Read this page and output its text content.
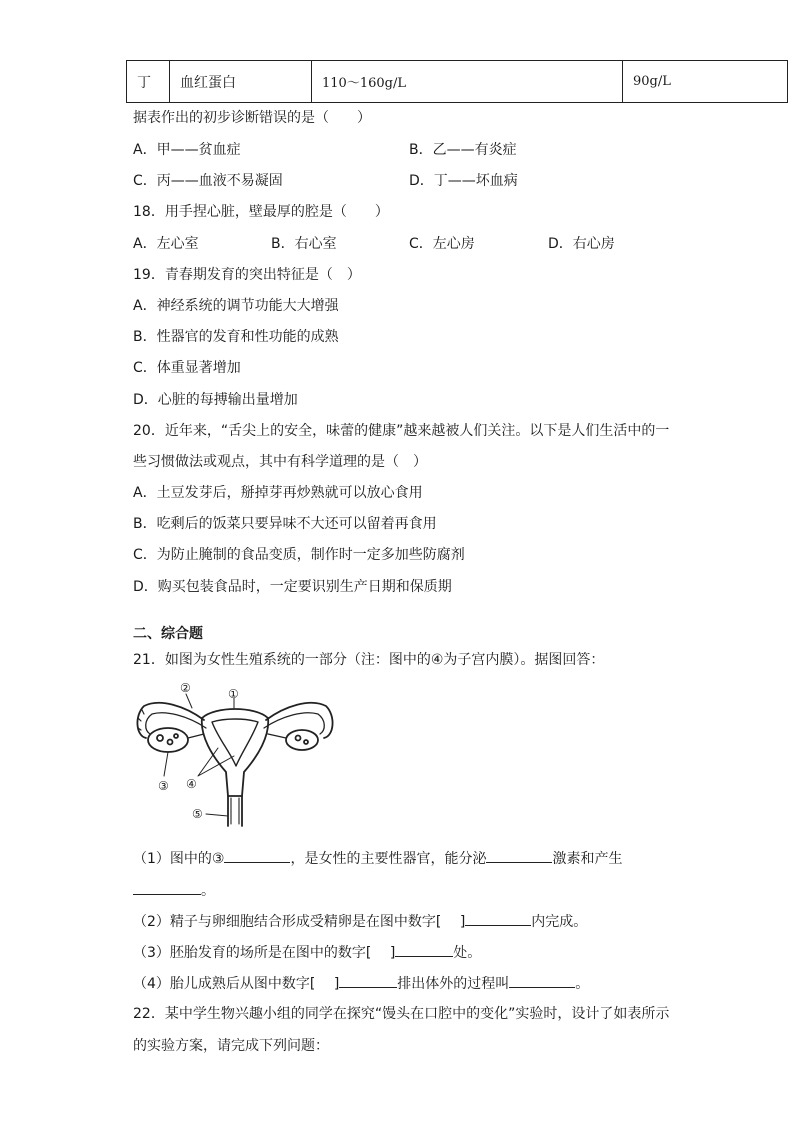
丁	血红蛋白	110～160g/L	90g/L
据表作出的初步诊断错误的是（　　）
A．甲——贫血症	B．乙——有炎症
C．丙——血液不易凝固	D．丁——坏血病
18．用手捏心脏，壁最厚的腔是（　　）
A．左心室	B．右心室	C．左心房	D．右心房
19．青春期发育的突出特征是（　）
A．神经系统的调节功能大大增强
B．性器官的发育和性功能的成熟
C．体重显著增加
D．心脏的每搏输出量增加
20．近年来，“舌尖上的安全，味蕾的健康”越来越被人们关注。以下是人们生活中的一
些习惯做法或观点，其中有科学道理的是（　）
A．土豆发芽后，掰掉芽再炒熟就可以放心食用
B．吃剩后的饭菜只要异味不大还可以留着再食用
C．为防止腌制的食品变质，制作时一定多加些防腐剂
D．购买包装食品时，一定要识别生产日期和保质期
二、综合题
21．如图为女性生殖系统的一部分（注：图中的④为子宫内膜）。据图回答：
②	①
③ ④
⑤
（1）图中的③	，是女性的主要性器官，能分泌	激素和产生
。
（2）精子与卵细胞结合形成受精卵是在图中数字[　 ]	内完成。
（3）胚胎发育的场所是在图中的数字[　 ]	处。
（4）胎儿成熟后从图中数字[　 ]	排出体外的过程叫	。
22．某中学生物兴趣小组的同学在探究“馒头在口腔中的变化”实验时，设计了如表所示
的实验方案，请完成下列问题：
